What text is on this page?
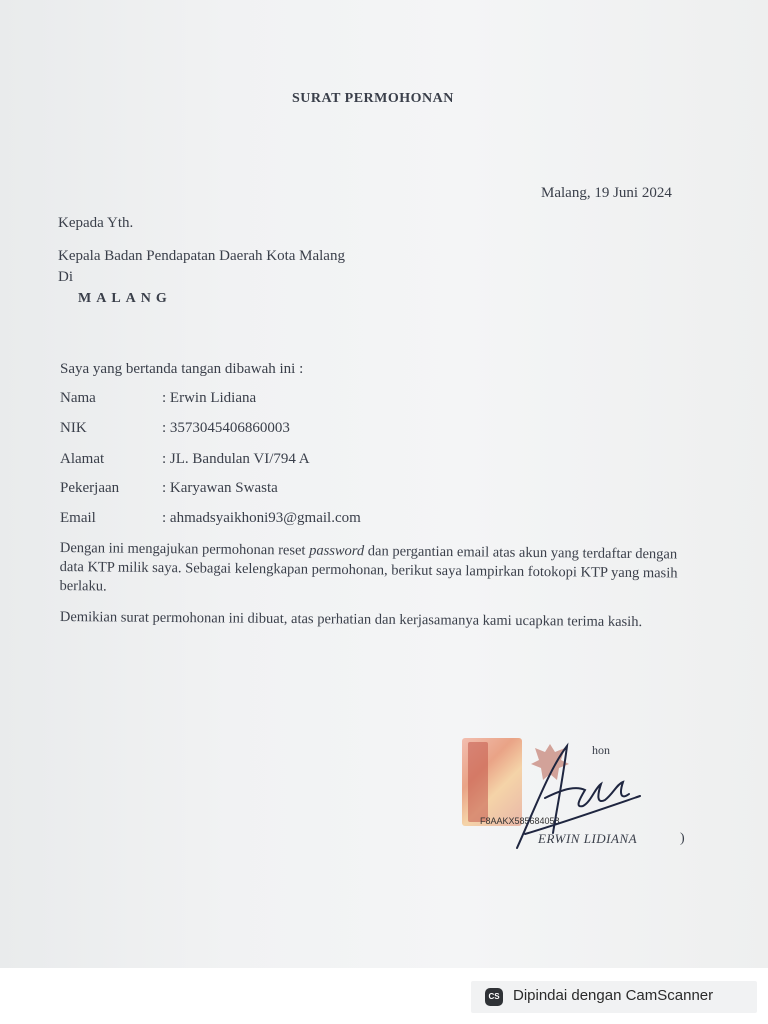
SURAT PERMOHONAN
Malang, 19 Juni 2024
Kepada Yth.
Kepala Badan Pendapatan Daerah Kota Malang
Di
MALANG
Saya yang bertanda tangan dibawah ini :
Nama	: Erwin Lidiana
NIK	: 3573045406860003
Alamat	: JL. Bandulan VI/794 A
Pekerjaan	: Karyawan Swasta
Email	: ahmadsyaikhoni93@gmail.com

Dengan ini mengajukan permohonan reset password dan pergantian email atas akun yang terdaftar dengan data KTP milik saya. Sebagai kelengkapan permohonan, berikut saya lampirkan fotokopi KTP yang masih berlaku.

Demikian surat permohonan ini dibuat, atas perhatian dan kerjasamanya kami ucapkan terima kasih.

F8AAKX585684058
hon
ERWIN LIDIANA	)
CS Dipindai dengan CamScanner
